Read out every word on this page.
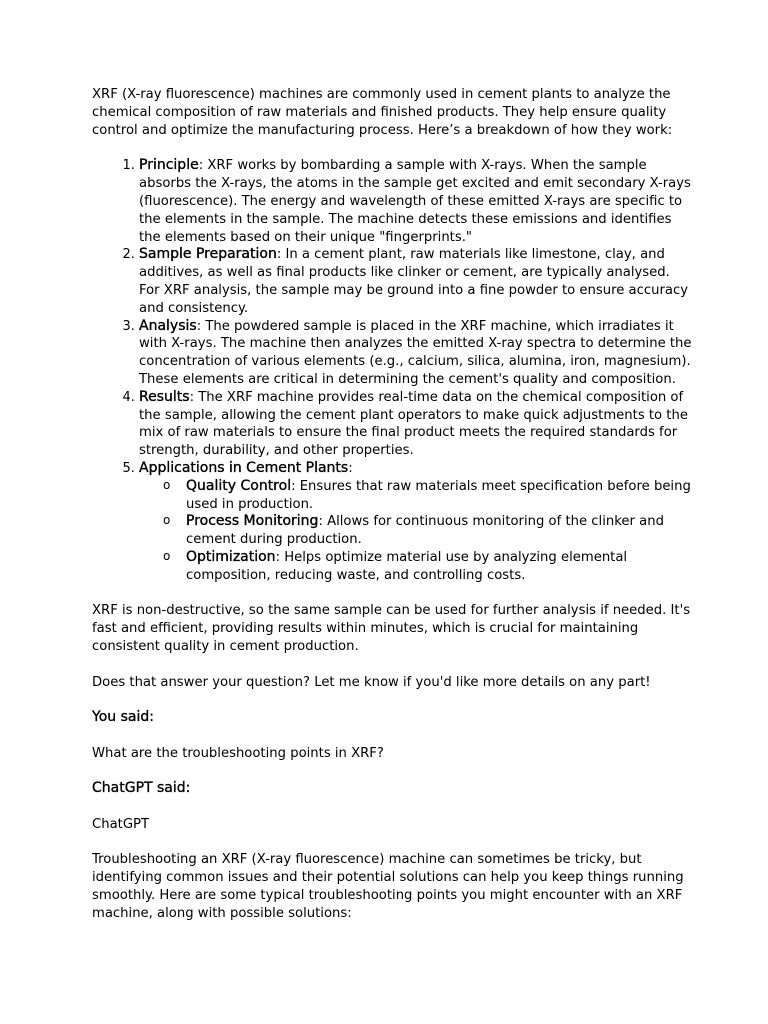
XRF (X-ray fluorescence) machines are commonly used in cement plants to analyze the chemical composition of raw materials and finished products. They help ensure quality control and optimize the manufacturing process. Here’s a breakdown of how they work:

1. Principle: XRF works by bombarding a sample with X-rays. When the sample absorbs the X-rays, the atoms in the sample get excited and emit secondary X-rays (fluorescence). The energy and wavelength of these emitted X-rays are specific to the elements in the sample. The machine detects these emissions and identifies the elements based on their unique "fingerprints."
2. Sample Preparation: In a cement plant, raw materials like limestone, clay, and additives, as well as final products like clinker or cement, are typically analysed. For XRF analysis, the sample may be ground into a fine powder to ensure accuracy and consistency.
3. Analysis: The powdered sample is placed in the XRF machine, which irradiates it with X-rays. The machine then analyzes the emitted X-ray spectra to determine the concentration of various elements (e.g., calcium, silica, alumina, iron, magnesium). These elements are critical in determining the cement's quality and composition.
4. Results: The XRF machine provides real-time data on the chemical composition of the sample, allowing the cement plant operators to make quick adjustments to the mix of raw materials to ensure the final product meets the required standards for strength, durability, and other properties.
5. Applications in Cement Plants:
o Quality Control: Ensures that raw materials meet specification before being used in production.
o Process Monitoring: Allows for continuous monitoring of the clinker and cement during production.
o Optimization: Helps optimize material use by analyzing elemental composition, reducing waste, and controlling costs.

XRF is non-destructive, so the same sample can be used for further analysis if needed. It's fast and efficient, providing results within minutes, which is crucial for maintaining consistent quality in cement production.

Does that answer your question? Let me know if you'd like more details on any part!

You said:

What are the troubleshooting points in XRF?

ChatGPT said:

ChatGPT

Troubleshooting an XRF (X-ray fluorescence) machine can sometimes be tricky, but identifying common issues and their potential solutions can help you keep things running smoothly. Here are some typical troubleshooting points you might encounter with an XRF machine, along with possible solutions:
